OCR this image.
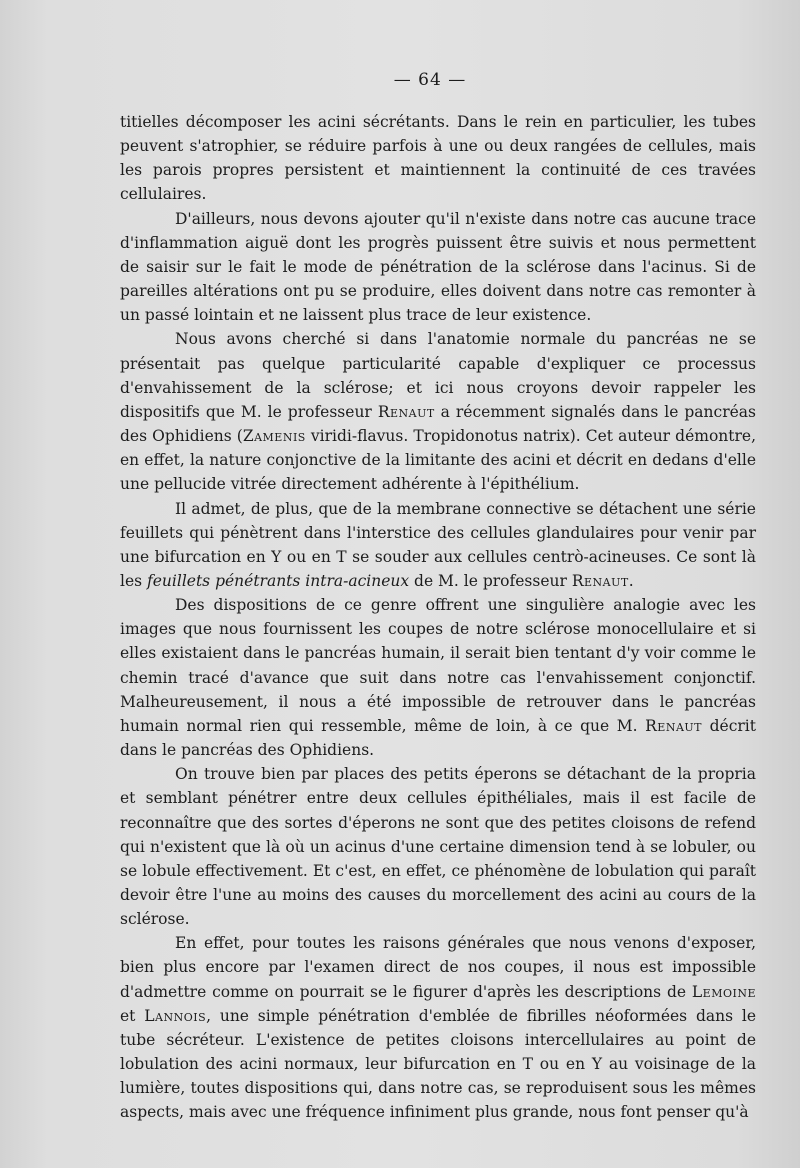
— 64 —

titielles décomposer les acini sécrétants. Dans le rein en particulier, les tubes peuvent s'atrophier, se réduire parfois à une ou deux rangées de cellules, mais les parois propres persistent et maintiennent la continuité de ces travées cellulaires.

D'ailleurs, nous devons ajouter qu'il n'existe dans notre cas aucune trace d'inflammation aiguë dont les progrès puissent être suivis et nous permettent de saisir sur le fait le mode de pénétration de la sclérose dans l'acinus. Si de pareilles altérations ont pu se produire, elles doivent dans notre cas remonter à un passé lointain et ne laissent plus trace de leur existence.

Nous avons cherché si dans l'anatomie normale du pancréas ne se présentait pas quelque particularité capable d'expliquer ce processus d'envahissement de la sclérose; et ici nous croyons devoir rappeler les dispositifs que M. le professeur Renaut a récemment signalés dans le pancréas des Ophidiens (Zamenis viridi-flavus. Tropidonotus natrix). Cet auteur démontre, en effet, la nature conjonctive de la limitante des acini et décrit en dedans d'elle une pellucide vitrée directement adhérente à l'épithélium.

Il admet, de plus, que de la membrane connective se détachent une série feuillets qui pénètrent dans l'interstice des cellules glandulaires pour venir par une bifurcation en Y ou en T se souder aux cellules centrò-acineuses. Ce sont là les feuillets pénétrants intra-acineux de M. le professeur Renaut.

Des dispositions de ce genre offrent une singulière analogie avec les images que nous fournissent les coupes de notre sclérose monocellulaire et si elles existaient dans le pancréas humain, il serait bien tentant d'y voir comme le chemin tracé d'avance que suit dans notre cas l'envahissement conjonctif. Malheureusement, il nous a été impossible de retrouver dans le pancréas humain normal rien qui ressemble, même de loin, à ce que M. Renaut décrit dans le pancréas des Ophidiens.

On trouve bien par places des petits éperons se détachant de la propria et semblant pénétrer entre deux cellules épithéliales, mais il est facile de reconnaître que des sortes d'éperons ne sont que des petites cloisons de refend qui n'existent que là où un acinus d'une certaine dimension tend à se lobuler, ou se lobule effectivement. Et c'est, en effet, ce phénomène de lobulation qui paraît devoir être l'une au moins des causes du morcellement des acini au cours de la sclérose.

En effet, pour toutes les raisons générales que nous venons d'exposer, bien plus encore par l'examen direct de nos coupes, il nous est impossible d'admettre comme on pourrait se le figurer d'après les descriptions de Lemoine et Lannois, une simple pénétration d'emblée de fibrilles néoformées dans le tube sécréteur. L'existence de petites cloisons intercellulaires au point de lobulation des acini normaux, leur bifurcation en T ou en Y au voisinage de la lumière, toutes dispositions qui, dans notre cas, se reproduisent sous les mêmes aspects, mais avec une fréquence infiniment plus grande, nous font penser qu'à
